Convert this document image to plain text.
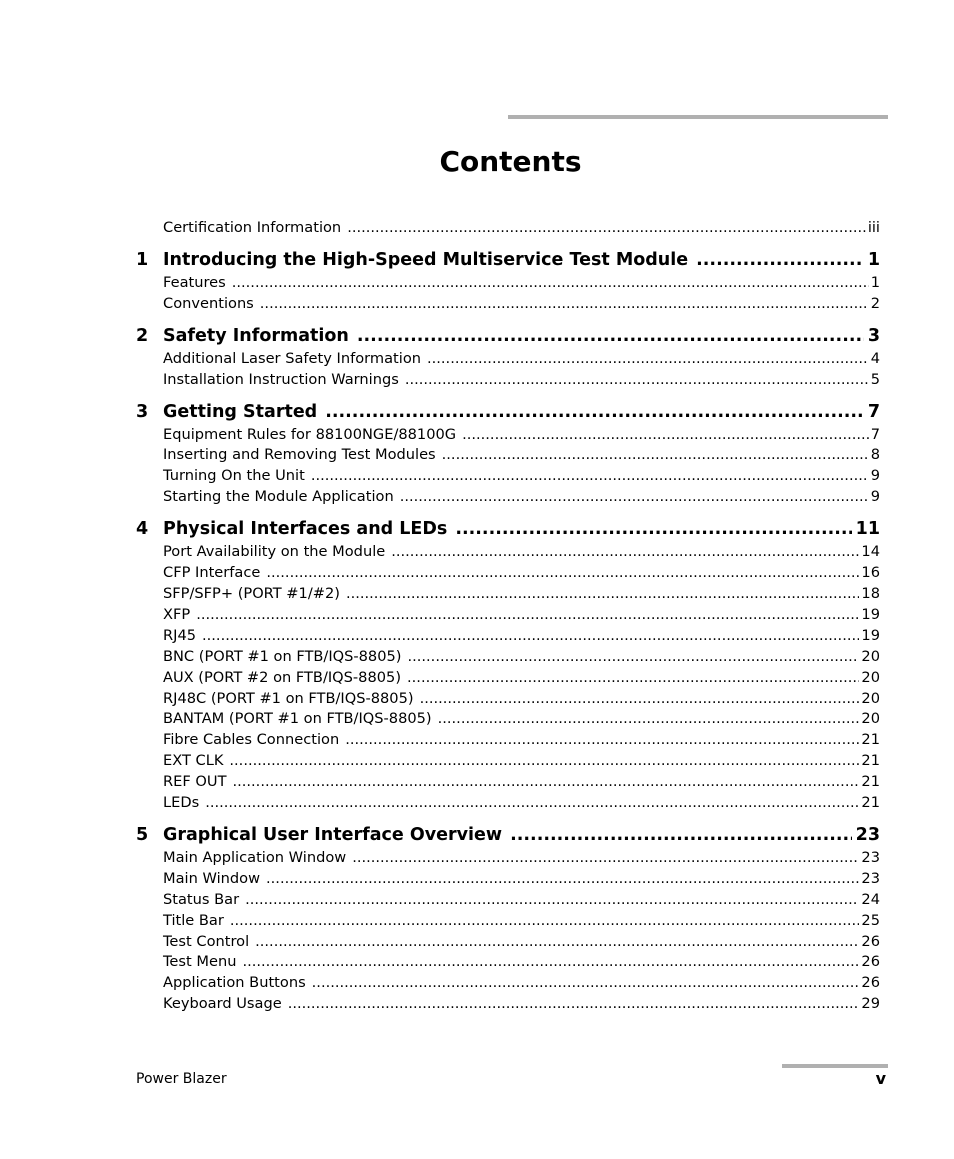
Contents
Certification Information .....	iii
1 Introducing the High-Speed Multiservice Test Module .....	1
Features .....	1
Conventions .....	2
2 Safety Information .....	3
Additional Laser Safety Information .....	4
Installation Instruction Warnings .....	5
3 Getting Started .....	7
Equipment Rules for 88100NGE/88100G .....	7
Inserting and Removing Test Modules .....	8
Turning On the Unit .....	9
Starting the Module Application .....	9
4 Physical Interfaces and LEDs .....	11
Port Availability on the Module .....	14
CFP Interface .....	16
SFP/SFP+ (PORT #1/#2) .....	18
XFP .....	19
RJ45 .....	19
BNC (PORT #1 on FTB/IQS-8805) .....	20
AUX (PORT #2 on FTB/IQS-8805) .....	20
RJ48C (PORT #1 on FTB/IQS-8805) .....	20
BANTAM (PORT #1 on FTB/IQS-8805) .....	20
Fibre Cables Connection .....	21
EXT CLK .....	21
REF OUT .....	21
LEDs .....	21
5 Graphical User Interface Overview .....	23
Main Application Window .....	23
Main Window .....	23
Status Bar .....	24
Title Bar .....	25
Test Control .....	26
Test Menu .....	26
Application Buttons .....	26
Keyboard Usage .....	29
Power Blazer	v
